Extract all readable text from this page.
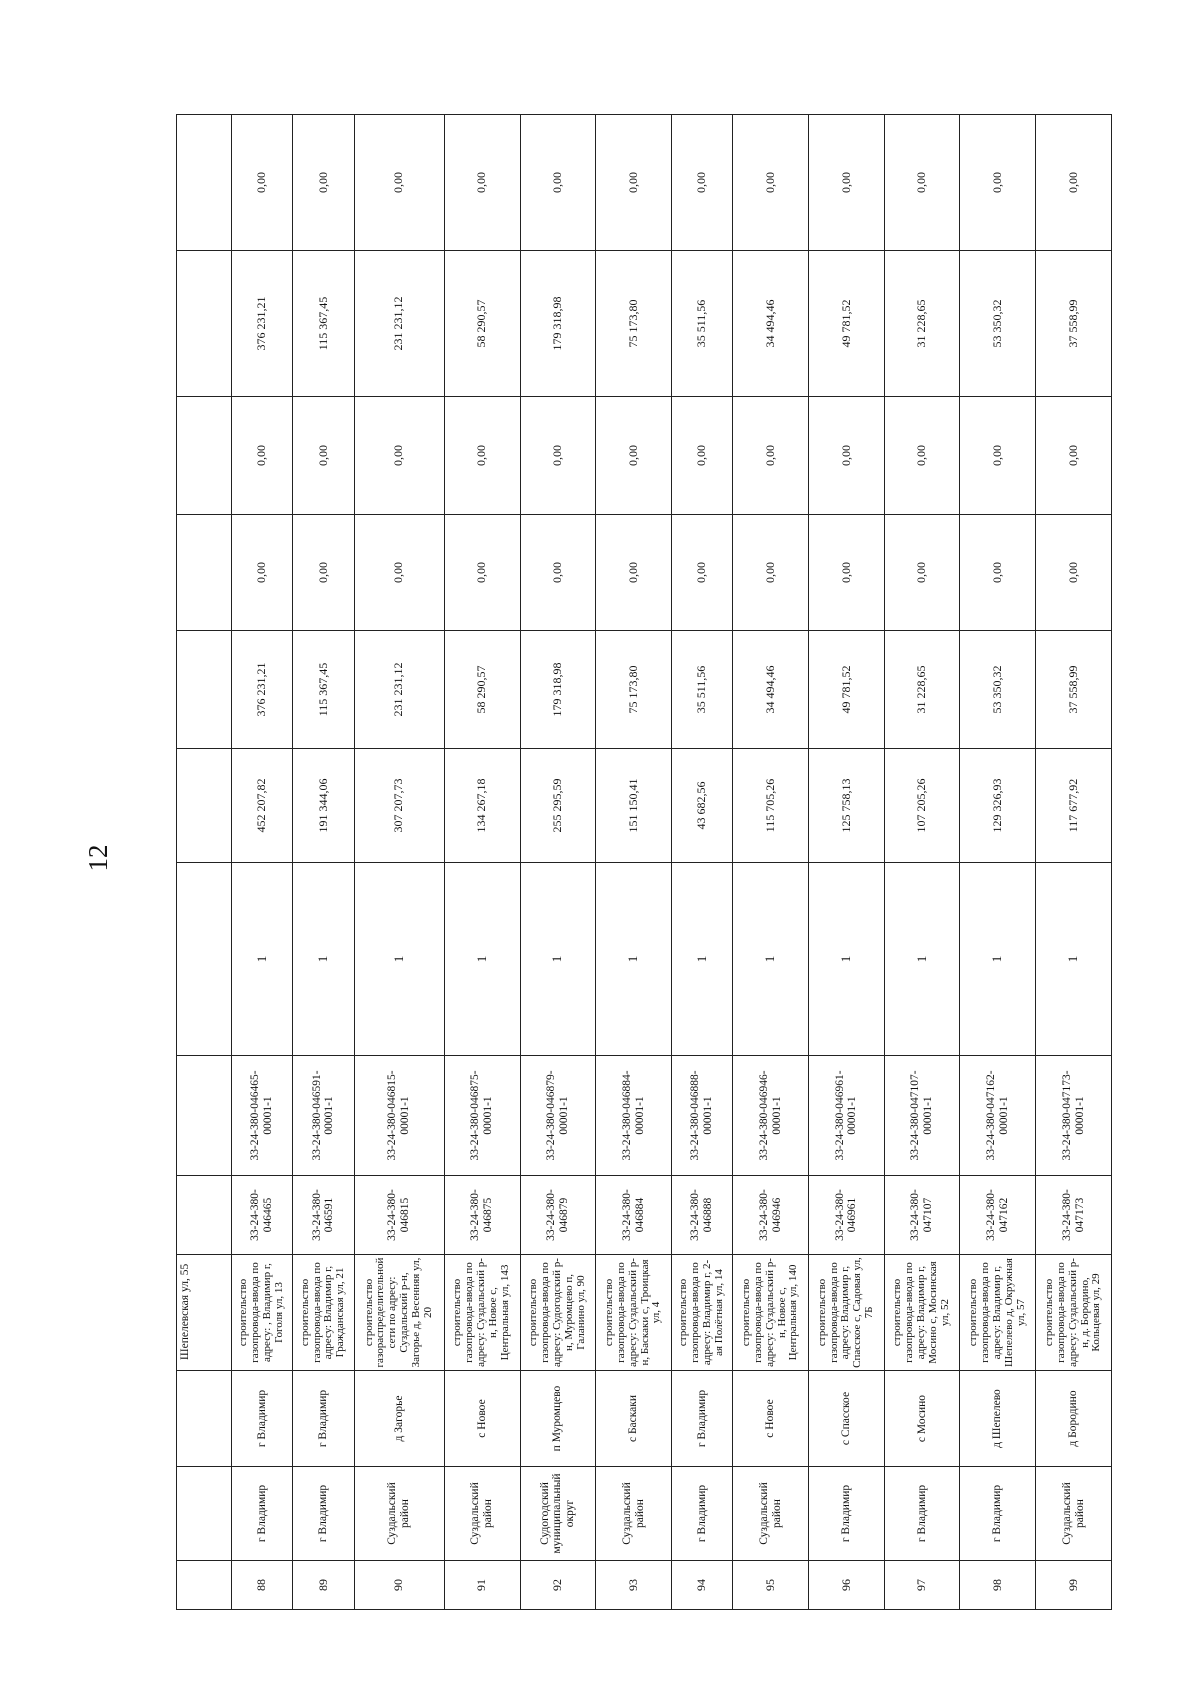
12
			Шепелевская ул, 55									
88	г Владимир	г Владимир	строительство газопровода-ввода по адресу: , Владимир г, Гоголя ул, 13	33-24-380-046465	33-24-380-046465-00001-1	1	452 207,82	376 231,21	0,00	0,00	376 231,21	0,00
89	г Владимир	г Владимир	строительство газопровода-ввода по адресу: Владимир г, Гражданская ул, 21	33-24-380-046591	33-24-380-046591-00001-1	1	191 344,06	115 367,45	0,00	0,00	115 367,45	0,00
90	Суздальский район	д Загорье	строительство газораспределительной сети по адресу: Суздальский р-н, Загорье д, Весенняя ул, 20	33-24-380-046815	33-24-380-046815-00001-1	1	307 207,73	231 231,12	0,00	0,00	231 231,12	0,00
91	Суздальский район	с Новое	строительство газопровода-ввода по адресу: Суздальский р-н, Новое с, Центральная ул, 143	33-24-380-046875	33-24-380-046875-00001-1	1	134 267,18	58 290,57	0,00	0,00	58 290,57	0,00
92	Судогодский муниципальный округ	п Муромцево	строительство газопровода-ввода по адресу: Судогодский р-н, Муромцево п, Галанино ул, 90	33-24-380-046879	33-24-380-046879-00001-1	1	255 295,59	179 318,98	0,00	0,00	179 318,98	0,00
93	Суздальский район	с Баскаки	строительство газопровода-ввода по адресу: Суздальский р-н, Баскаки с, Троицкая ул, 4	33-24-380-046884	33-24-380-046884-00001-1	1	151 150,41	75 173,80	0,00	0,00	75 173,80	0,00
94	г Владимир	г Владимир	строительство газопровода-ввода по адресу: Владимир г, 2-ая Полётная ул, 14	33-24-380-046888	33-24-380-046888-00001-1	1	43 682,56	35 511,56	0,00	0,00	35 511,56	0,00
95	Суздальский район	с Новое	строительство газопровода-ввода по адресу: Суздальский р-н, Новое с, Центральная ул, 140	33-24-380-046946	33-24-380-046946-00001-1	1	115 705,26	34 494,46	0,00	0,00	34 494,46	0,00
96	г Владимир	с Спасское	строительство газопровода-ввода по адресу: Владимир г, Спасское с, Садовая ул, 7Б	33-24-380-046961	33-24-380-046961-00001-1	1	125 758,13	49 781,52	0,00	0,00	49 781,52	0,00
97	г Владимир	с Мосино	строительство газопровода-ввода по адресу: Владимир г, Мосино с, Мосинская ул, 52	33-24-380-047107	33-24-380-047107-00001-1	1	107 205,26	31 228,65	0,00	0,00	31 228,65	0,00
98	г Владимир	д Шепелево	строительство газопровода-ввода по адресу: Владимир г, Шепелево д, Окружная ул, 57	33-24-380-047162	33-24-380-047162-00001-1	1	129 326,93	53 350,32	0,00	0,00	53 350,32	0,00
99	Суздальский район	д Бородино	строительство газопровода-ввода по адресу: Суздальский р-н, д. Бородино, Кольцевая ул, 29	33-24-380-047173	33-24-380-047173-00001-1	1	117 677,92	37 558,99	0,00	0,00	37 558,99	0,00
